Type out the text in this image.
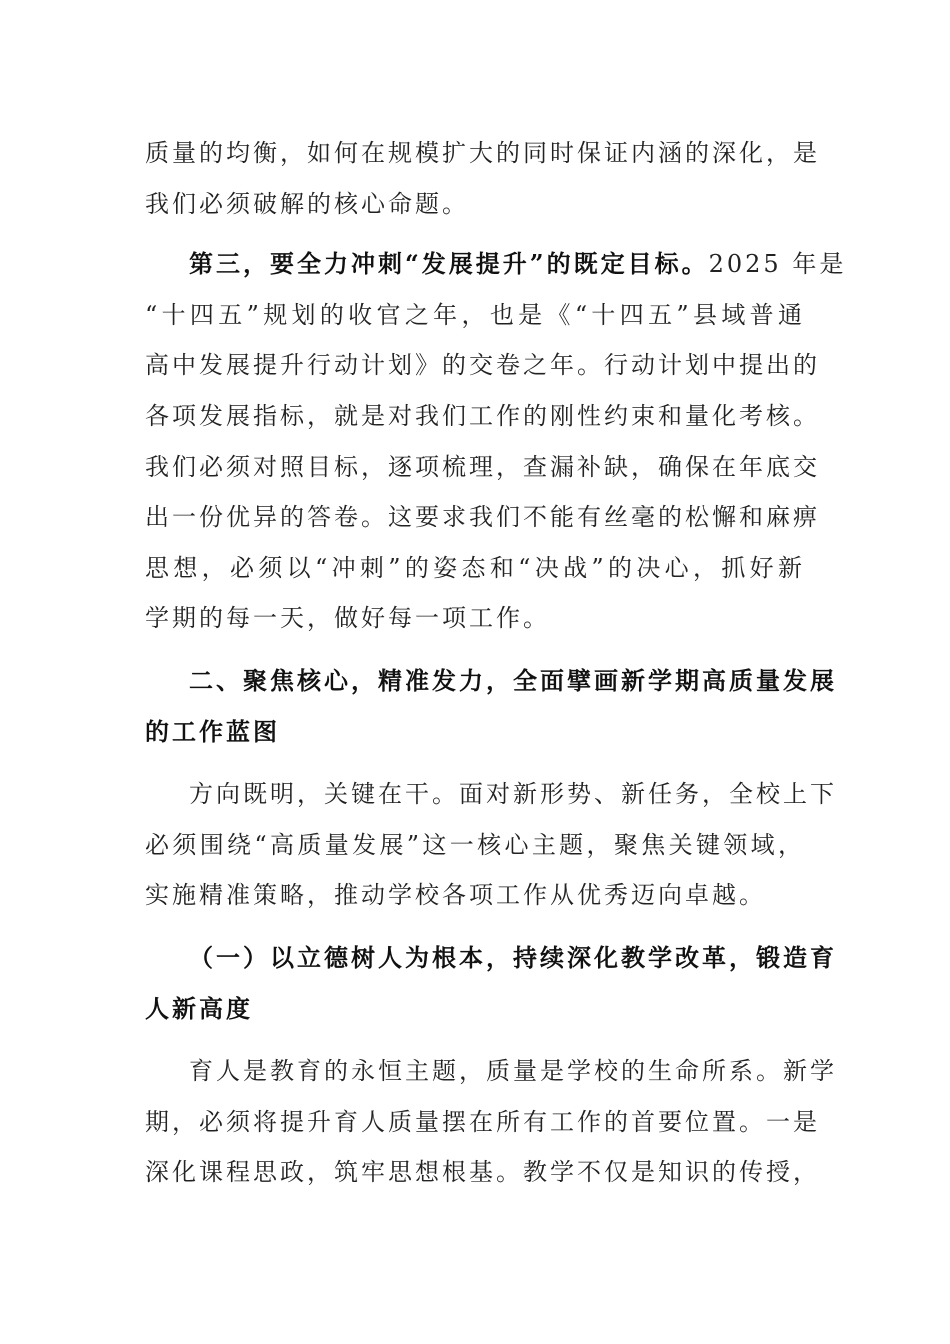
质量的均衡，如何在规模扩大的同时保证内涵的深化，是
我们必须破解的核心命题。
第三，要全力冲刺“发展提升”的既定目标。2025 年是
“十四五”规划的收官之年，也是《“十四五”县域普通
高中发展提升行动计划》的交卷之年。行动计划中提出的
各项发展指标，就是对我们工作的刚性约束和量化考核。
我们必须对照目标，逐项梳理，查漏补缺，确保在年底交
出一份优异的答卷。这要求我们不能有丝毫的松懈和麻痹
思想，必须以“冲刺”的姿态和“决战”的决心，抓好新
学期的每一天，做好每一项工作。
二、聚焦核心，精准发力，全面擘画新学期高质量发展
的工作蓝图
方向既明，关键在干。面对新形势、新任务，全校上下
必须围绕“高质量发展”这一核心主题，聚焦关键领域，
实施精准策略，推动学校各项工作从优秀迈向卓越。
（一）以立德树人为根本，持续深化教学改革，锻造育
人新高度
育人是教育的永恒主题，质量是学校的生命所系。新学
期，必须将提升育人质量摆在所有工作的首要位置。一是
深化课程思政，筑牢思想根基。教学不仅是知识的传授，
